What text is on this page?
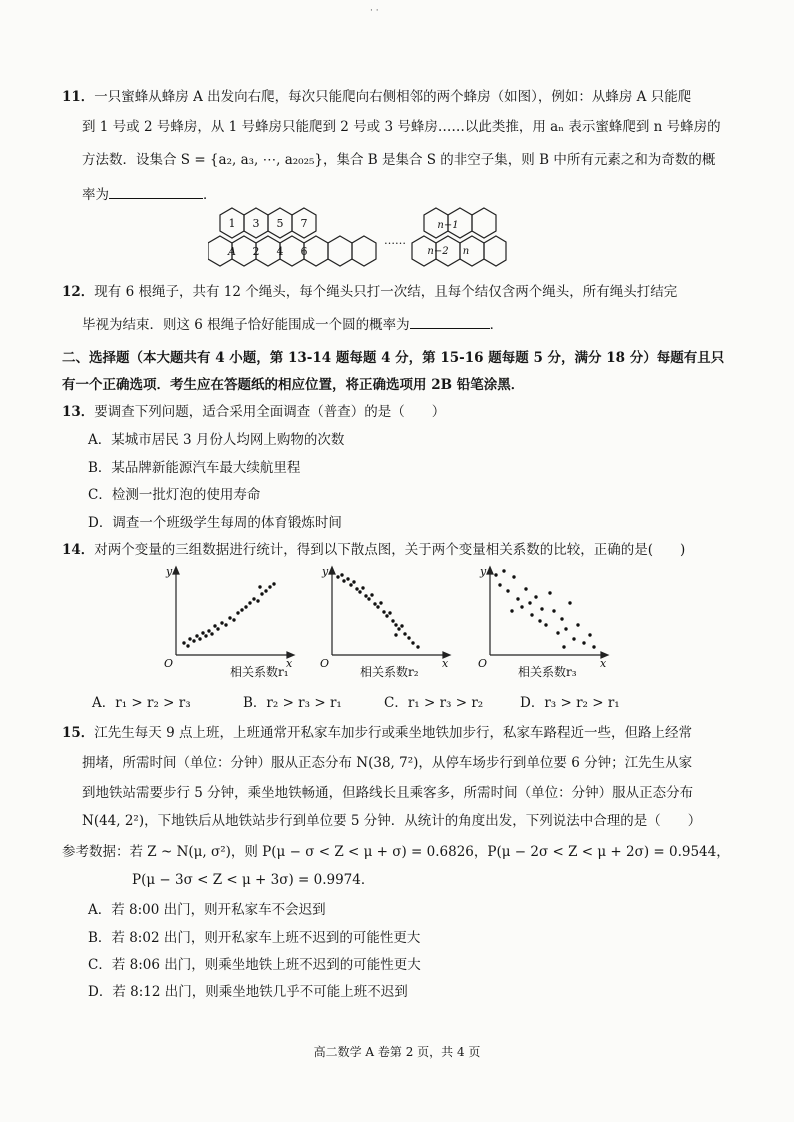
· ·
11．一只蜜蜂从蜂房 A 出发向右爬，每次只能爬向右侧相邻的两个蜂房（如图），例如：从蜂房 A 只能爬
到 1 号或 2 号蜂房，从 1 号蜂房只能爬到 2 号或 3 号蜂房……以此类推，用 aₙ 表示蜜蜂爬到 n 号蜂房的
方法数．设集合 S = {a₂, a₃, ⋯, a₂₀₂₅}，集合 B 是集合 S 的非空子集，则 B 中所有元素之和为奇数的概
率为	．
1 3 5 7
A 2 4 6
……
n−1
n−2 n
12．现有 6 根绳子，共有 12 个绳头，每个绳头只打一次结，且每个结仅含两个绳头，所有绳头打结完
毕视为结束．则这 6 根绳子恰好能围成一个圆的概率为	．
二、选择题（本大题共有 4 小题，第 13-14 题每题 4 分，第 15-16 题每题 5 分，满分 18 分）每题有且只
有一个正确选项．考生应在答题纸的相应位置，将正确选项用 2B 铅笔涂黑．
13．要调查下列问题，适合采用全面调查（普查）的是（　　）
A．某城市居民 3 月份人均网上购物的次数
B．某品牌新能源汽车最大续航里程
C．检测一批灯泡的使用寿命
D．调查一个班级学生每周的体育锻炼时间
14．对两个变量的三组数据进行统计，得到以下散点图，关于两个变量相关系数的比较，正确的是(　　)
y
x
O
相关系数r₁
y
x
O
相关系数r₂
y
x
O
相关系数r₃
A．r₁ > r₂ > r₃	B．r₂ > r₃ > r₁	C．r₁ > r₃ > r₂	D．r₃ > r₂ > r₁
15．江先生每天 9 点上班，上班通常开私家车加步行或乘坐地铁加步行，私家车路程近一些，但路上经常
拥堵，所需时间（单位：分钟）服从正态分布 N(38, 7²)，从停车场步行到单位要 6 分钟；江先生从家
到地铁站需要步行 5 分钟，乘坐地铁畅通，但路线长且乘客多，所需时间（单位：分钟）服从正态分布
N(44, 2²)，下地铁后从地铁站步行到单位要 5 分钟．从统计的角度出发，下列说法中合理的是（　　）
参考数据：若 Z ~ N(μ, σ²)，则 P(μ − σ < Z < μ + σ) = 0.6826，P(μ − 2σ < Z < μ + 2σ) = 0.9544，
P(μ − 3σ < Z < μ + 3σ) = 0.9974．
A．若 8:00 出门，则开私家车不会迟到
B．若 8:02 出门，则开私家车上班不迟到的可能性更大
C．若 8:06 出门，则乘坐地铁上班不迟到的可能性更大
D．若 8:12 出门，则乘坐地铁几乎不可能上班不迟到
高二数学 A 卷第 2 页，共 4 页
